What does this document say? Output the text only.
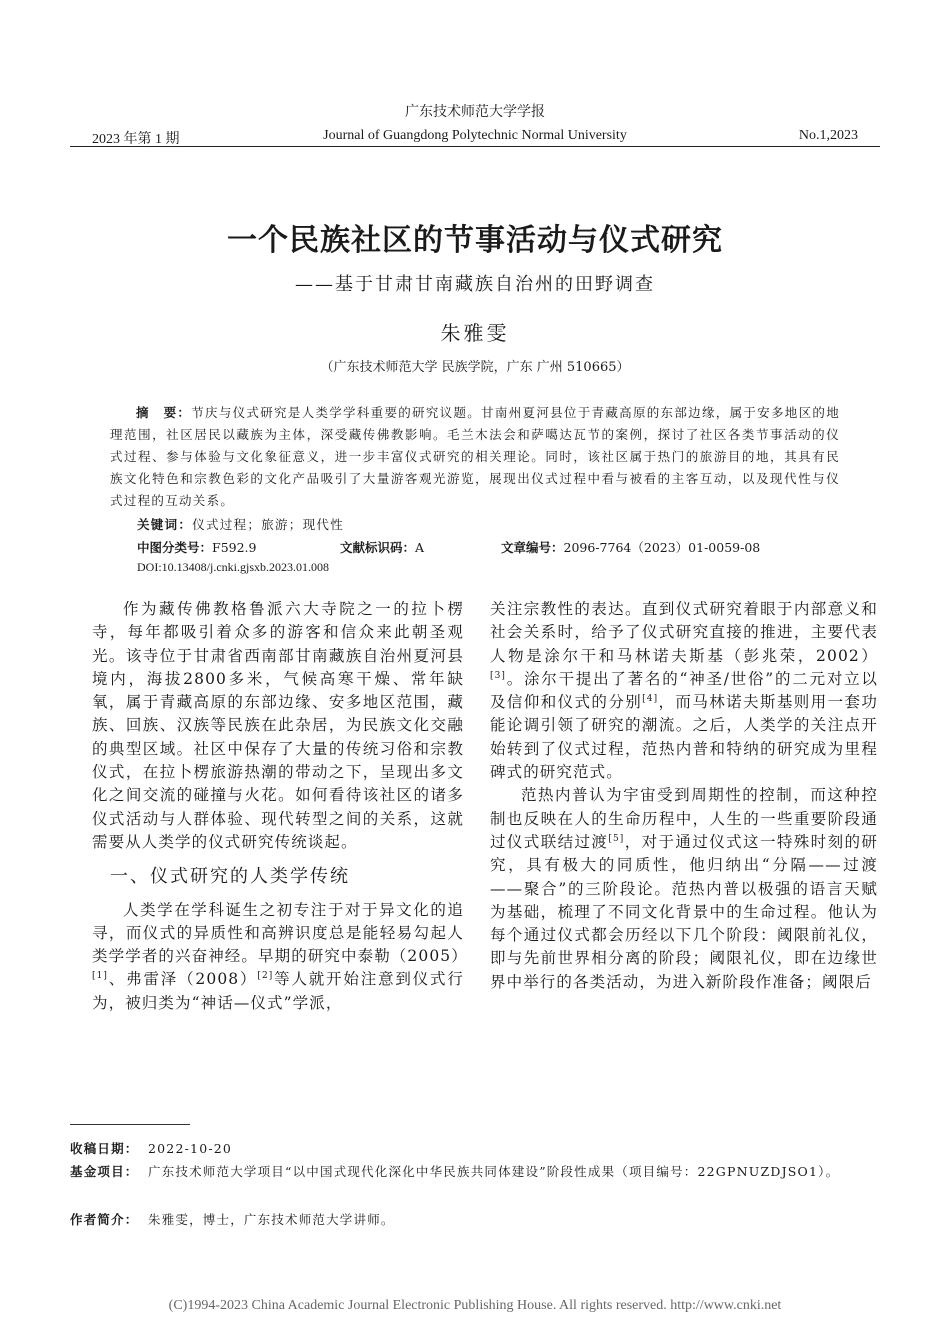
广东技术师范大学学报
2023 年第 1 期	Journal of Guangdong Polytechnic Normal University	No.1,2023
一个民族社区的节事活动与仪式研究
——基于甘肃甘南藏族自治州的田野调查
朱雅雯
（广东技术师范大学 民族学院，广东 广州 510665）
摘　要：节庆与仪式研究是人类学学科重要的研究议题。甘南州夏河县位于青藏高原的东部边缘，属于安多地区的地理范围，社区居民以藏族为主体，深受藏传佛教影响。毛兰木法会和萨噶达瓦节的案例，探讨了社区各类节事活动的仪式过程、参与体验与文化象征意义，进一步丰富仪式研究的相关理论。同时，该社区属于热门的旅游目的地，其具有民族文化特色和宗教色彩的文化产品吸引了大量游客观光游览，展现出仪式过程中看与被看的主客互动，以及现代性与仪式过程的互动关系。
关键词：仪式过程；旅游；现代性
中图分类号：F592.9	文献标识码：A	文章编号：2096-7764（2023）01-0059-08
DOI:10.13408/j.cnki.gjsxb.2023.01.008

作为藏传佛教格鲁派六大寺院之一的拉卜楞寺，每年都吸引着众多的游客和信众来此朝圣观光。该寺位于甘肃省西南部甘南藏族自治州夏河县境内，海拔2800多米，气候高寒干燥、常年缺氧，属于青藏高原的东部边缘、安多地区范围，藏族、回族、汉族等民族在此杂居，为民族文化交融的典型区域。社区中保存了大量的传统习俗和宗教仪式，在拉卜楞旅游热潮的带动之下，呈现出多文化之间交流的碰撞与火花。如何看待该社区的诸多仪式活动与人群体验、现代转型之间的关系，这就需要从人类学的仪式研究传统谈起。

一、仪式研究的人类学传统

人类学在学科诞生之初专注于对于异文化的追寻，而仪式的异质性和高辨识度总是能轻易勾起人类学学者的兴奋神经。早期的研究中泰勒（2005）[1]、弗雷泽（2008）[2]等人就开始注意到仪式行为，被归类为“神话—仪式”学派，

关注宗教性的表达。直到仪式研究着眼于内部意义和社会关系时，给予了仪式研究直接的推进，主要代表人物是涂尔干和马林诺夫斯基（彭兆荣，2002）[3]。涂尔干提出了著名的“神圣/世俗”的二元对立以及信仰和仪式的分别[4]，而马林诺夫斯基则用一套功能论调引领了研究的潮流。之后，人类学的关注点开始转到了仪式过程，范热内普和特纳的研究成为里程碑式的研究范式。

范热内普认为宇宙受到周期性的控制，而这种控制也反映在人的生命历程中，人生的一些重要阶段通过仪式联结过渡[5]，对于通过仪式这一特殊时刻的研究，具有极大的同质性，他归纳出“分隔——过渡——聚合”的三阶段论。范热内普以极强的语言天赋为基础，梳理了不同文化背景中的生命过程。他认为每个通过仪式都会历经以下几个阶段：阈限前礼仪，即与先前世界相分离的阶段；阈限礼仪，即在边缘世界中举行的各类活动，为进入新阶段作准备；阈限后

收稿日期： 2022-10-20
基金项目： 广东技术师范大学项目“以中国式现代化深化中华民族共同体建设”阶段性成果（项目编号：22GPNUZDJSO1）。
作者简介： 朱雅雯，博士，广东技术师范大学讲师。
(C)1994-2023 China Academic Journal Electronic Publishing House. All rights reserved. http://www.cnki.net
